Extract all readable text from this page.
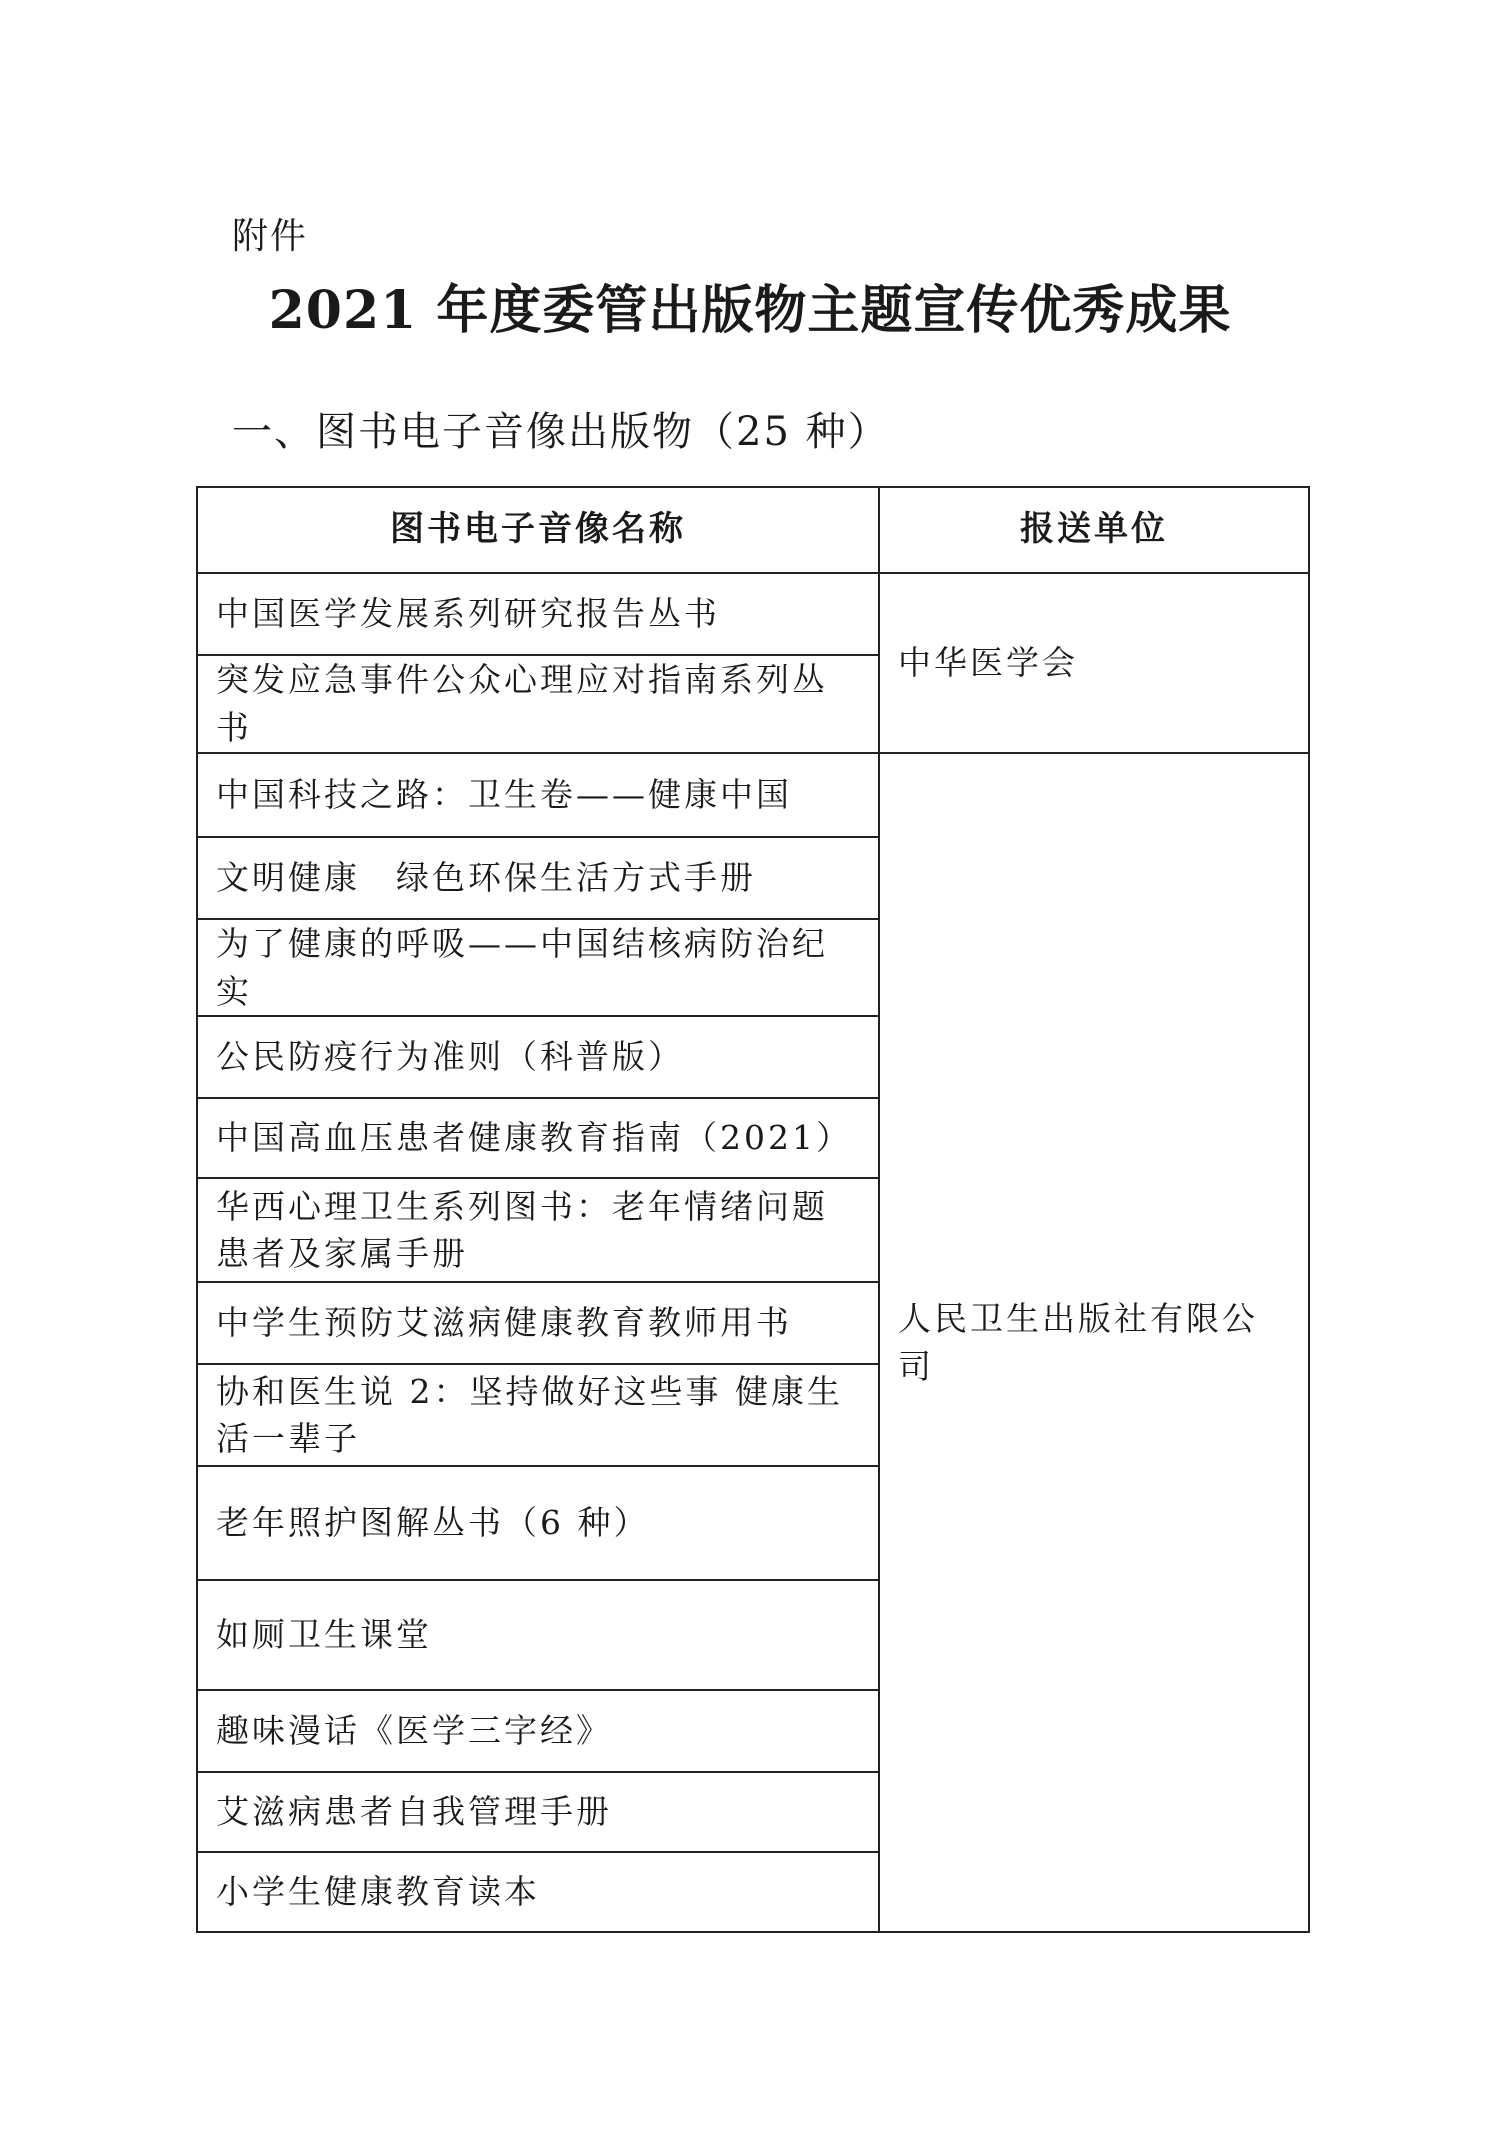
附件
2021 年度委管出版物主题宣传优秀成果
一、图书电子音像出版物（25 种）
图书电子音像名称	报送单位
中国医学发展系列研究报告丛书	中华医学会
突发应急事件公众心理应对指南系列丛书	
中国科技之路：卫生卷——健康中国	人民卫生出版社有限公司
文明健康　绿色环保生活方式手册	
为了健康的呼吸——中国结核病防治纪实	
公民防疫行为准则（科普版）	
中国高血压患者健康教育指南（2021）	
华西心理卫生系列图书：老年情绪问题患者及家属手册	
中学生预防艾滋病健康教育教师用书	
协和医生说 2：坚持做好这些事 健康生活一辈子	
老年照护图解丛书（6 种）	
如厕卫生课堂	
趣味漫话《医学三字经》	
艾滋病患者自我管理手册	
小学生健康教育读本	
